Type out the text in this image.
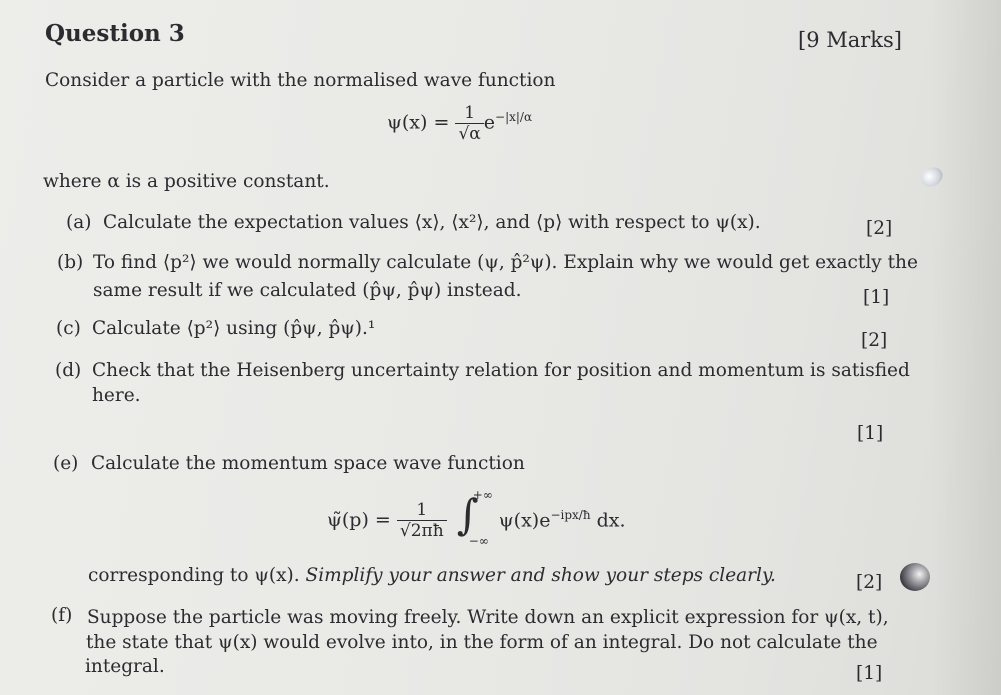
Question 3	[9 Marks]
Consider a particle with the normalised wave function
$\psi(x) = \frac{1}{√\alpha} e^{-|x|/\alpha}$
where α is a positive constant.
(a) Calculate the expectation values ⟨x⟩, ⟨x²⟩, and ⟨p⟩ with respect to ψ(x).	[2]
(b) To find ⟨p²⟩ we would normally calculate (ψ, p̂²ψ). Explain why we would get exactly the
same result if we calculated (p̂ψ, p̂ψ) instead.	[1]
(c) Calculate ⟨p²⟩ using (p̂ψ, p̂ψ).¹
[2]
(d) Check that the Heisenberg uncertainty relation for position and momentum is satisfied
here.
[1]
(e) Calculate the momentum space wave function
ψ̃(p) = $\frac{1}{√2\pi ħ}$
∫
+∞
−∞
$\psi(x)e^{-ipx/ħ}$ dx.
corresponding to ψ(x). Simplify your answer and show your steps clearly.	[2]
(f) Suppose the particle was moving freely. Write down an explicit expression for ψ(x, t),
the state that ψ(x) would evolve into, in the form of an integral. Do not calculate the
integral.	[1]
